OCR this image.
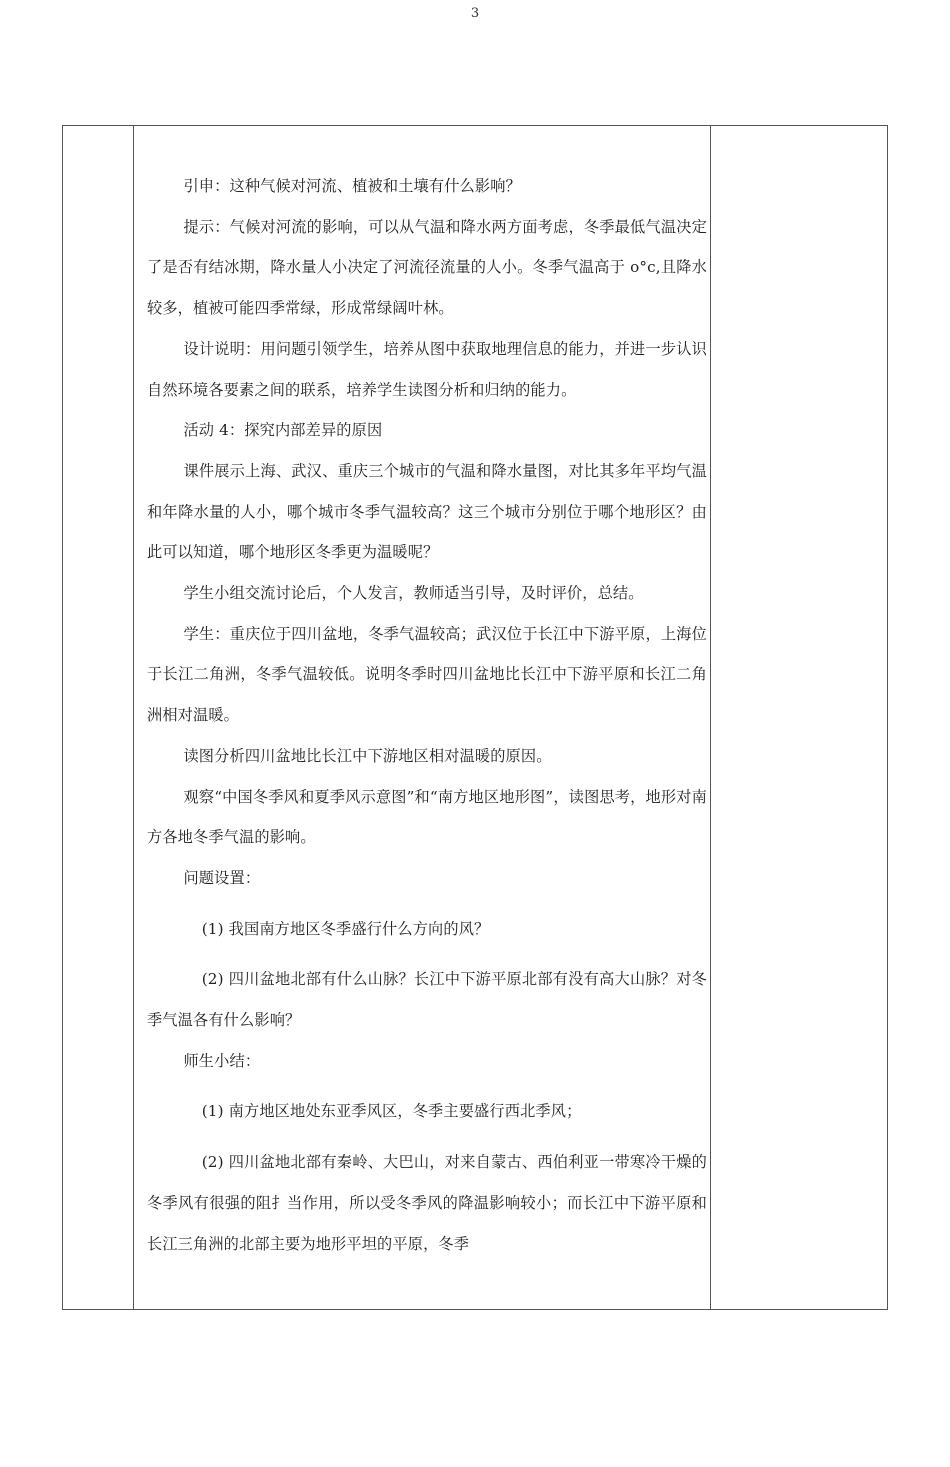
3

引申：这种气候对河流、植被和土壤有什么影响？

提示：气候对河流的影响，可以从气温和降水两方面考虑，冬季最低气温决定了是否有结冰期，降水量人小决定了河流径流量的人小。冬季气温高于 o°c,且降水较多，植被可能四季常绿，形成常绿阔叶林。

设计说明：用问题引领学生，培养从图中获取地理信息的能力，并进一步认识自然环境各要素之间的联系，培养学生读图分析和归纳的能力。

活动 4：探究内部差异的原因

课件展示上海、武汉、重庆三个城市的气温和降水量图，对比其多年平均气温和年降水量的人小，哪个城市冬季气温较高？这三个城市分别位于哪个地形区？由此可以知道，哪个地形区冬季更为温暖呢？

学生小组交流讨论后，个人发言，教师适当引导，及时评价，总结。

学生：重庆位于四川盆地，冬季气温较高；武汉位于长江中下游平原，上海位于长江二角洲，冬季气温较低。说明冬季时四川盆地比长江中下游平原和长江二角洲相对温暖。

读图分析四川盆地比长江中下游地区相对温暖的原因。

观察“中国冬季风和夏季风示意图”和“南方地区地形图”，读图思考，地形对南方各地冬季气温的影响。

问题设置：

(1) 我国南方地区冬季盛行什么方向的风？

(2) 四川盆地北部有什么山脉？长江中下游平原北部有没有高大山脉？对冬季气温各有什么影响？

师生小结：

(1) 南方地区地处东亚季风区，冬季主要盛行西北季风；

(2) 四川盆地北部有秦岭、大巴山，对来自蒙古、西伯利亚一带寒冷干燥的冬季风有很强的阻扌当作用，所以受冬季风的降温影响较小；而长江中下游平原和长江三角洲的北部主要为地形平坦的平原，冬季
